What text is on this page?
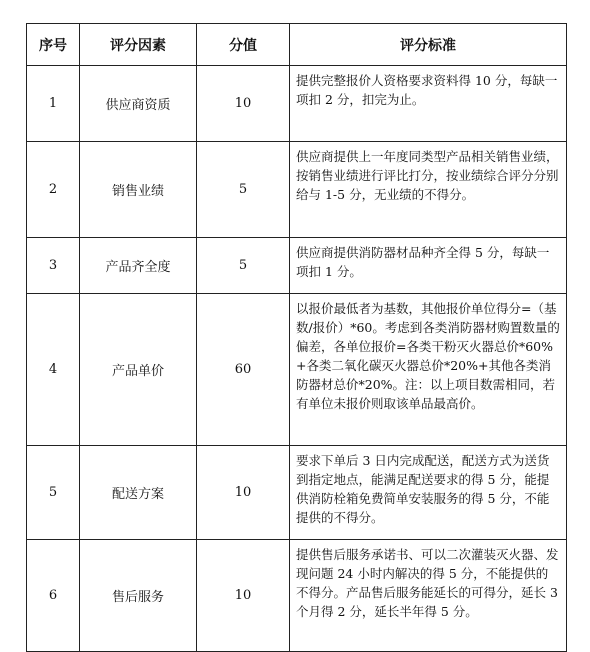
序号	评分因素	分值	评分标准
1	供应商资质	10	提供完整报价人资格要求资料得 10 分，每缺一项扣 2 分，扣完为止。
2	销售业绩	5	供应商提供上一年度同类型产品相关销售业绩，按销售业绩进行评比打分，按业绩综合评分分别给与 1-5 分，无业绩的不得分。
3	产品齐全度	5	供应商提供消防器材品种齐全得 5 分，每缺一项扣 1 分。
4	产品单价	60	以报价最低者为基数，其他报价单位得分=（基数/报价）*60。考虑到各类消防器材购置数量的偏差，各单位报价=各类干粉灭火器总价*60%+各类二氧化碳灭火器总价*20%+其他各类消防器材总价*20%。注：以上项目数需相同，若有单位未报价则取该单品最高价。
5	配送方案	10	要求下单后 3 日内完成配送，配送方式为送货到指定地点，能满足配送要求的得 5 分，能提供消防栓箱免费简单安装服务的得 5 分，不能提供的不得分。
6	售后服务	10	提供售后服务承诺书、可以二次灌装灭火器、发现问题 24 小时内解决的得 5 分，不能提供的不得分。产品售后服务能延长的可得分，延长 3 个月得 2 分，延长半年得 5 分。
